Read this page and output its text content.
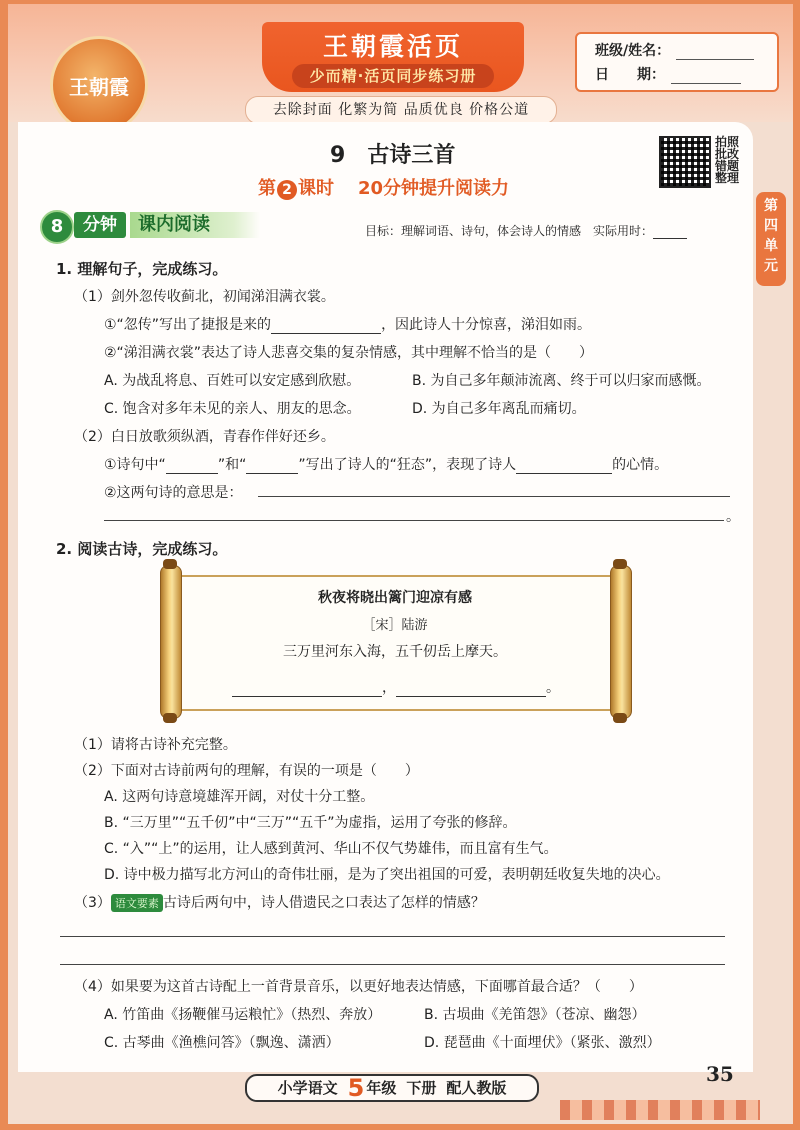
王朝霞
王朝霞活页
少而精·活页同步练习册
班级/姓名：
日　　期：
去除封面 化繁为简 品质优良 价格公道
第四单元
9 古诗三首
拍照批改 错题整理
第 2 课时 20分钟提升阅读力
8	分钟	课内阅读	目标：理解词语、诗句，体会诗人的情感　实际用时：
1. 理解句子，完成练习。
（1）剑外忽传收蓟北，初闻涕泪满衣裳。
①“忽传”写出了捷报是来的	，因此诗人十分惊喜，涕泪如雨。
②“涕泪满衣裳”表达了诗人悲喜交集的复杂情感，其中理解不恰当的是（　　）
A. 为战乱将息、百姓可以安定感到欣慰。	B. 为自己多年颠沛流离、终于可以归家而感慨。
C. 饱含对多年未见的亲人、朋友的思念。	D. 为自己多年离乱而痛切。
（2）白日放歌须纵酒，青春作伴好还乡。
①诗句中“	”和“	”写出了诗人的“狂态”，表现了诗人	的心情。
②这两句诗的意思是：
。
2. 阅读古诗，完成练习。
秋夜将晓出篱门迎凉有感
［宋］陆游
三万里河东入海，五千仞岳上摩天。
，	。
（1）请将古诗补充完整。
（2）下面对古诗前两句的理解，有误的一项是（　　）
A. 这两句诗意境雄浑开阔，对仗十分工整。
B. “三万里”“五千仞”中“三万”“五千”为虚指，运用了夸张的修辞。
C. “入”“上”的运用，让人感到黄河、华山不仅气势雄伟，而且富有生气。
D. 诗中极力描写北方河山的奇伟壮丽，是为了突出祖国的可爱，表明朝廷收复失地的决心。
（3） 语文要素 古诗后两句中，诗人借遗民之口表达了怎样的情感？
（4）如果要为这首古诗配上一首背景音乐，以更好地表达情感，下面哪首最合适？（　　）
A. 竹笛曲《扬鞭催马运粮忙》（热烈、奔放）	B. 古埙曲《羌笛怨》（苍凉、幽怨）
C. 古琴曲《渔樵问答》（飘逸、潇洒）	D. 琵琶曲《十面埋伏》（紧张、激烈）
小学语文 5 年级 下册 配人教版
35
